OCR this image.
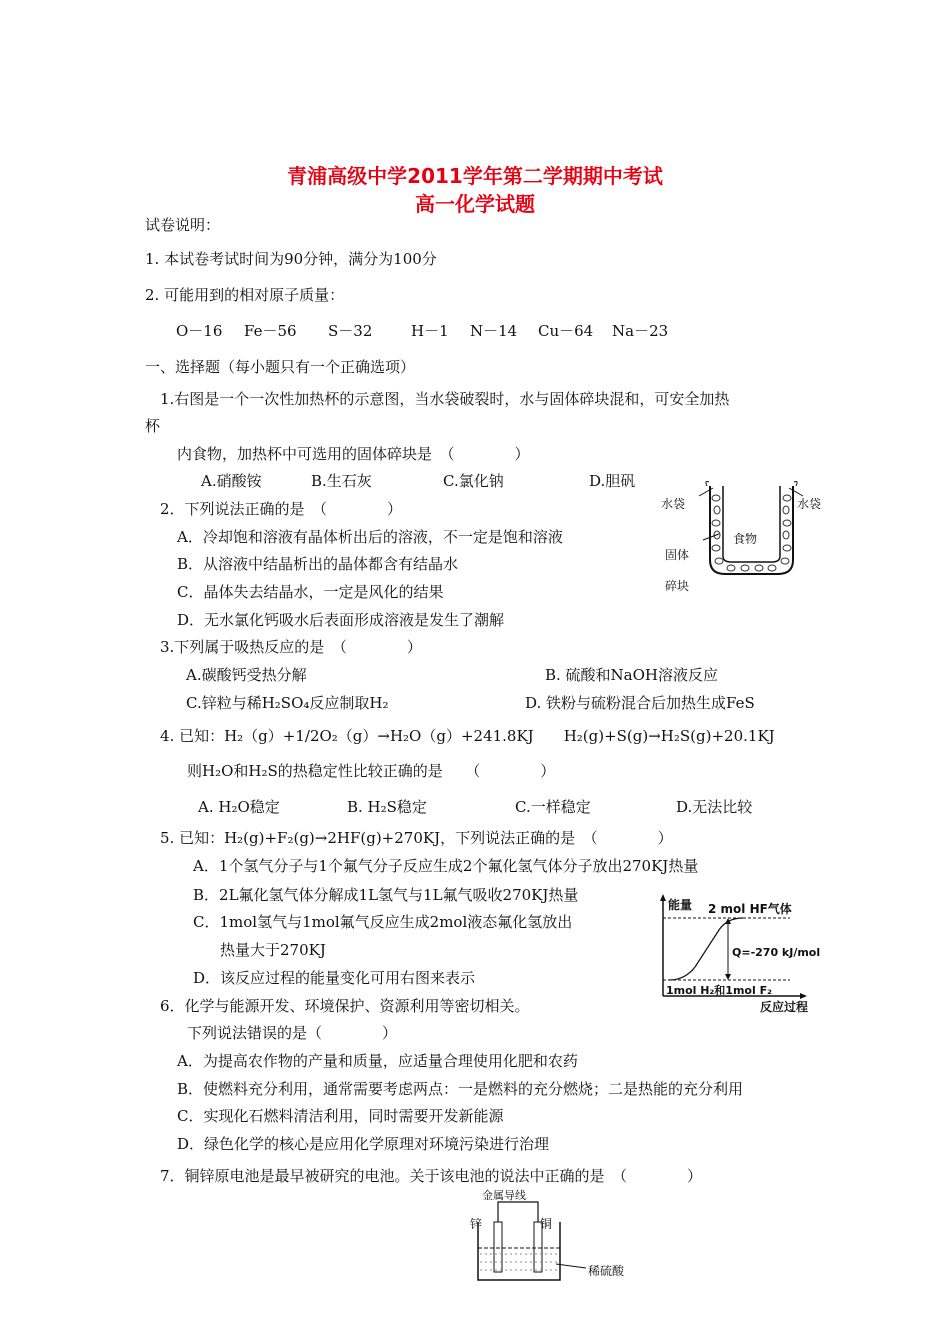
青浦高级中学2011学年第二学期期中考试
高一化学试题
试卷说明：
1. 本试卷考试时间为90分钟，满分为100分
2. 可能用到的相对原子质量：
O－16 Fe－56 S－32	H－1 N－14 Cu－64 Na－23
一、选择题（每小题只有一个正确选项）
1.右图是一个一次性加热杯的示意图，当水袋破裂时，水与固体碎块混和，可安全加热
杯
内食物，加热杯中可选用的固体碎块是　（　　　　）
A.硝酸铵	B.生石灰	C.氯化钠	D.胆矾
水袋	水袋
食物
固体
碎块
2．下列说法正确的是　（　　　　）
A．冷却饱和溶液有晶体析出后的溶液，不一定是饱和溶液
B．从溶液中结晶析出的晶体都含有结晶水
C．晶体失去结晶水，一定是风化的结果
D．无水氯化钙吸水后表面形成溶液是发生了潮解
3.下列属于吸热反应的是　（　　　　）
A.碳酸钙受热分解	B. 硫酸和NaOH溶液反应
C.锌粒与稀H₂SO₄反应制取H₂	D. 铁粉与硫粉混合后加热生成FeS
4. 已知：H₂（g）+1/2O₂（g）→H₂O（g）+241.8KJ　　H₂(g)+S(g)→H₂S(g)+20.1KJ
则H₂O和H₂S的热稳定性比较正确的是　　（　　　　）
A. H₂O稳定	B. H₂S稳定	C.一样稳定	D.无法比较
5. 已知：H₂(g)+F₂(g)→2HF(g)+270KJ，下列说法正确的是　（　　　　）
A．1个氢气分子与1个氟气分子反应生成2个氟化氢气体分子放出270KJ热量
B．2L氟化氢气体分解成1L氢气与1L氟气吸收270KJ热量
C．1mol氢气与1mol氟气反应生成2mol液态氟化氢放出
热量大于270KJ
D．该反应过程的能量变化可用右图来表示
能量 2 mol HF气体
Q=-270 kJ/mol
1mol H₂和1mol F₂
反应过程
6．化学与能源开发、环境保护、资源利用等密切相关。
下列说法错误的是（　　　　）
A．为提高农作物的产量和质量，应适量合理使用化肥和农药
B．使燃料充分利用，通常需要考虑两点：一是燃料的充分燃烧；二是热能的充分利用
C．实现化石燃料清洁利用，同时需要开发新能源
D．绿色化学的核心是应用化学原理对环境污染进行治理
7．铜锌原电池是最早被研究的电池。关于该电池的说法中正确的是　（　　　　）
金属导线
锌	铜
稀硫酸
